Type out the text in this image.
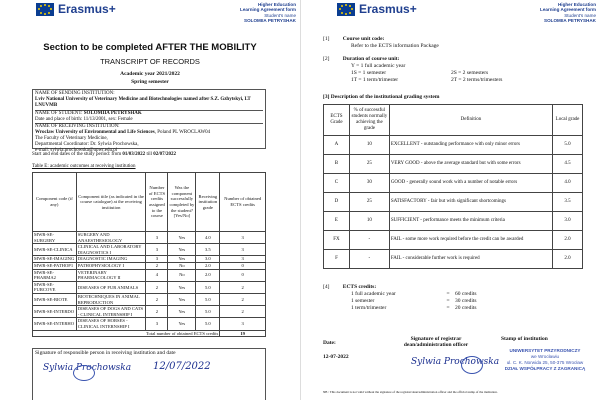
Erasmus+	Higher Education
Learning Agreement form
Student's name
SOLOMIIA PETRYSHAK
Section to be completed AFTER THE MOBILITY
TRANSCRIPT OF RECORDS
Academic year 2021/2022
Spring semester
NAME OF SENDING INSTITUTION:
Lviv National University of Veterinary Medicine and Biotechnologies named after S.Z. Gzhytskyi, LT LNUVMB
NAME OF STUDENT: SOLOMIIA PETRYSHAK
Date and place of birth: 11/13/2001, sex: Female
NAME OF RECEIVING INSTITUTION:
Wroclaw University of Environmental and Life Sciences, Poland PL WROCLAW04
The Faculty of Veterinary Medicine,
Departmental Coordinator: Dr. Sylwia Prochowska,
e-mail: sylwia.prochowska@upwr.edu.pl
Start and end dates of the study period: from 01/03/2022 till 02/07/2022
Table E: academic outcomes at receiving institution
Component code (if any)	Component title (as indicated in the course catalogue) at the receiving institution	Number of ECTS credits assigned to the course	Was the component successfully completed by the student? [Yes/No]	Receiving institution grade	Number of obtained ECTS credits
MWR-SE-SURGERY	SURGERY AND ANAESTHESIOLOGY	3	Yes	4.0	3
MWR-SE-CLINICA	CLINICAL AND LABORATORY DIAGNOSTICS I	3	Yes	3.5	3
MWR-SE-IMAGING	DIAGNOSTIC IMAGING	3	Yes	3.0	3
MWR-SE-PATHOP1	PATHOPHYSIOLOGY I	2	No	2.0	0
MWR-SE-PHARMA2	VETERINARY PHARMACOLOGY II	4	No	2.0	0
MWR-SE-FURCOVE	DISEASES OF FUR ANIMALS	2	Yes	5.0	2
MWR-SE-BIOTE	BIOTECHNIQUES IN ANIMAL REPRODUCTION	2	Yes	5.0	2
MWR-SE-INTERDO	DISEASES OF DOGS AND CATS - CLINICAL INTERNSHIP I	2	Yes	5.0	2
MWR-SE-INTERHO	DISEASES OF HORSES - CLINICAL INTERNSHIP I	3	Yes	5.0	3
Total number of obtained ECTS credits					19
Signature of responsible person in receiving institution and date
Sylwia Prochowska 12/07/2022
Erasmus+	Higher Education
Learning Agreement form
Student's name
SOLOMIIA PETRYSHAK
[1] Course unit code:
Refer to the ECTS information Package
[2] Duration of course unit:
Y = 1 full academic year
1S = 1 semester
1T = 1 term/trimester
2S = 2 semesters
2T = 2 terms/trimesters
[3] Description of the institutional grading system
ECTS Grade	% of successful students normally achieving the grade	Definition	Local grade
A	10	EXCELLENT - outstanding performance with only minor errors	5.0
B	25	VERY GOOD - above the average standard but with some errors	4.5
C	30	GOOD - generally sound work with a number of notable errors	4.0
D	25	SATISFACTORY - fair but with significant shortcomings	3.5
E	10	SUFFICIENT - performance meets the minimum criteria	3.0
FX	-	FAIL - some more work required before the credit can be awarded	2.0
F	-	FAIL - considerable further work is required	2.0
[4] ECTS credits:
1 full academic year	= 60 credits
1 semester	= 30 credits
1 term/trimester	= 20 credits
Date:
12-07-2022
Signature of registrar
dean/administration officer
Sylwia Prochowska
Stamp of institution
UNIWERSYTET PRZYRODNICZY
we Wrocławiu
ul. C. K. Norwida 25, 50-375 Wrocław
DZIAŁ WSPÓŁPRACY Z ZAGRANICĄ
NB : This document is not valid without the signature of the registrar/dean/administration officer and the official stamp of the institution.
